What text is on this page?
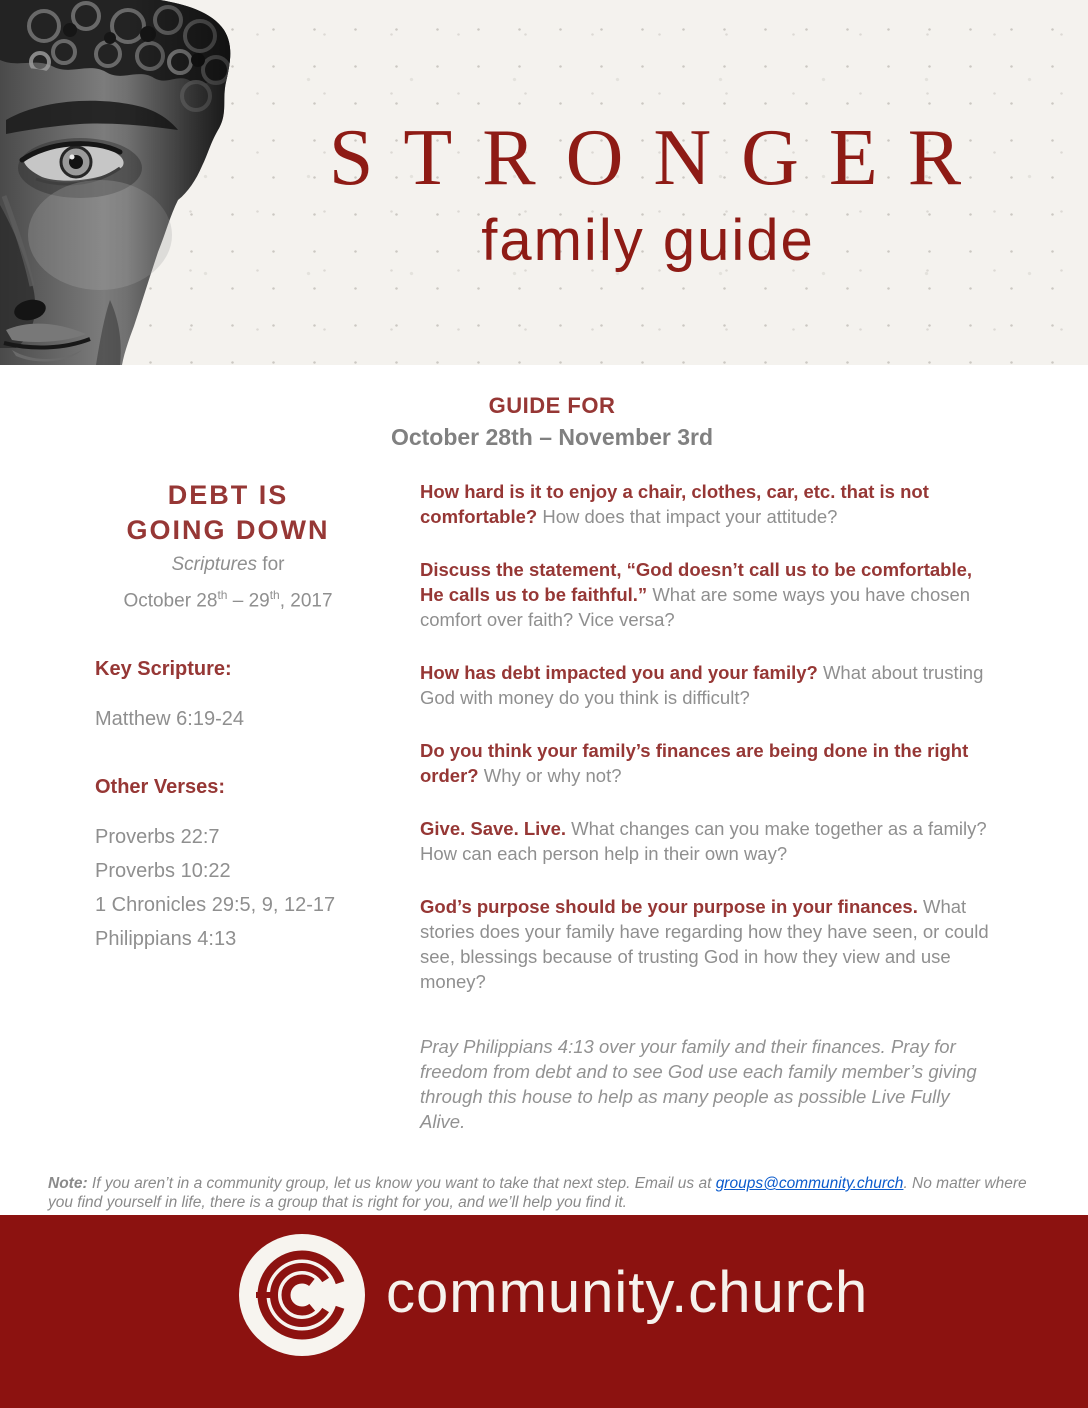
STRONGER
family guide
GUIDE FOR
October 28th – November 3rd
DEBT IS
GOING DOWN
Scriptures for
October 28th – 29th, 2017
Key Scripture:
Matthew 6:19-24
Other Verses:
Proverbs 22:7
Proverbs 10:22
1 Chronicles 29:5, 9, 12-17
Philippians 4:13

How hard is it to enjoy a chair, clothes, car, etc. that is not comfortable? How does that impact your attitude?

Discuss the statement, “God doesn’t call us to be comfortable, He calls us to be faithful.” What are some ways you have chosen comfort over faith? Vice versa?

How has debt impacted you and your family? What about trusting God with money do you think is difficult?

Do you think your family’s finances are being done in the right order? Why or why not?

Give. Save. Live. What changes can you make together as a family? How can each person help in their own way?

God’s purpose should be your purpose in your finances. What stories does your family have regarding how they have seen, or could see, blessings because of trusting God in how they view and use money?

Pray Philippians 4:13 over your family and their finances. Pray for freedom from debt and to see God use each family member’s giving through this house to help as many people as possible Live Fully Alive.

Note: If you aren’t in a community group, let us know you want to take that next step. Email us at groups@community.church. No matter where you find yourself in life, there is a group that is right for you, and we’ll help you find it.
community.church
